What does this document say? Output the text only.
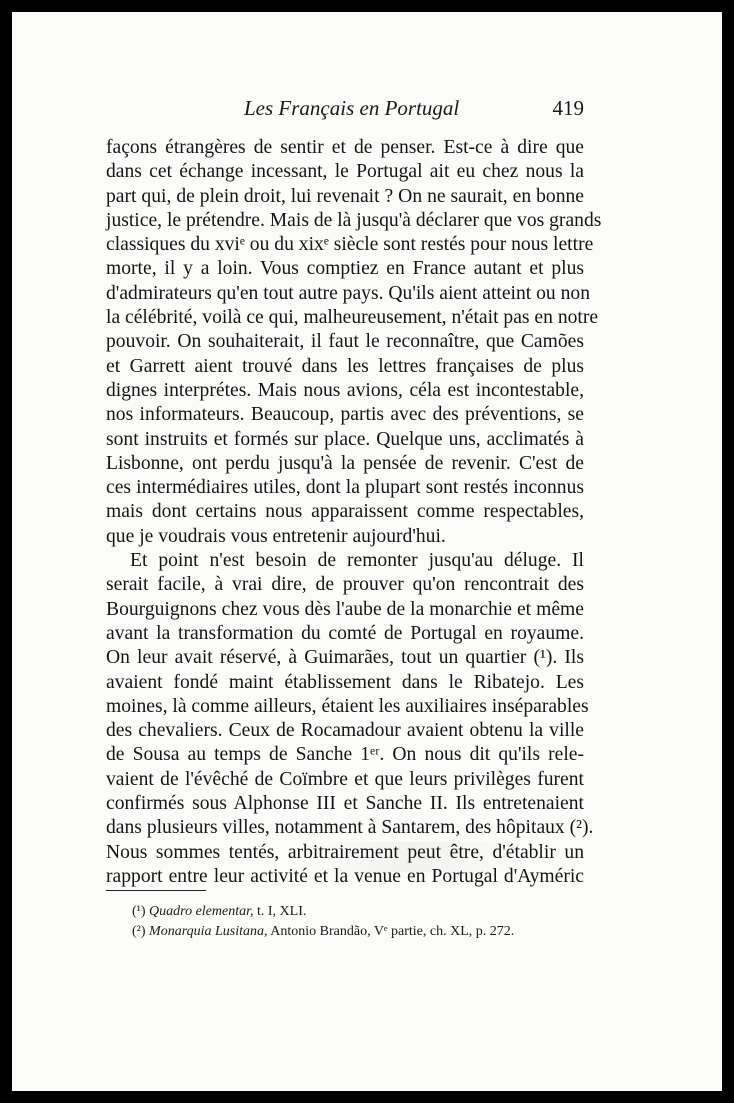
Les Français en Portugal	419

façons étrangères de sentir et de penser. Est-ce à dire que
dans cet échange incessant, le Portugal ait eu chez nous la
part qui, de plein droit, lui revenait ? On ne saurait, en bonne
justice, le prétendre. Mais de là jusqu'à déclarer que vos grands
classiques du xviᵉ ou du xixᵉ siècle sont restés pour nous lettre
morte, il y a loin. Vous comptiez en France autant et plus
d'admirateurs qu'en tout autre pays. Qu'ils aient atteint ou non
la célébrité, voilà ce qui, malheureusement, n'était pas en notre
pouvoir. On souhaiterait, il faut le reconnaître, que Camões
et Garrett aient trouvé dans les lettres françaises de plus
dignes interprétes. Mais nous avions, céla est incontestable,
nos informateurs. Beaucoup, partis avec des préventions, se
sont instruits et formés sur place. Quelque uns, acclimatés à
Lisbonne, ont perdu jusqu'à la pensée de revenir. C'est de
ces intermédiaires utiles, dont la plupart sont restés inconnus
mais dont certains nous apparaissent comme respectables,
que je voudrais vous entretenir aujourd'hui.

Et point n'est besoin de remonter jusqu'au déluge. Il
serait facile, à vrai dire, de prouver qu'on rencontrait des
Bourguignons chez vous dès l'aube de la monarchie et même
avant la transformation du comté de Portugal en royaume.
On leur avait réservé, à Guimarães, tout un quartier (¹). Ils
avaient fondé maint établissement dans le Ribatejo. Les
moines, là comme ailleurs, étaient les auxiliaires inséparables
des chevaliers. Ceux de Rocamadour avaient obtenu la ville
de Sousa au temps de Sanche 1ᵉʳ. On nous dit qu'ils rele-
vaient de l'évêché de Coïmbre et que leurs privilèges furent
confirmés sous Alphonse III et Sanche II. Ils entretenaient
dans plusieurs villes, notamment à Santarem, des hôpitaux (²).
Nous sommes tentés, arbitrairement peut être, d'établir un
rapport entre leur activité et la venue en Portugal d'Ayméric

(¹) Quadro elementar, t. I, XLI.
(²) Monarquia Lusitana, Antonio Brandão, Vᵉ partie, ch. XL, p. 272.
